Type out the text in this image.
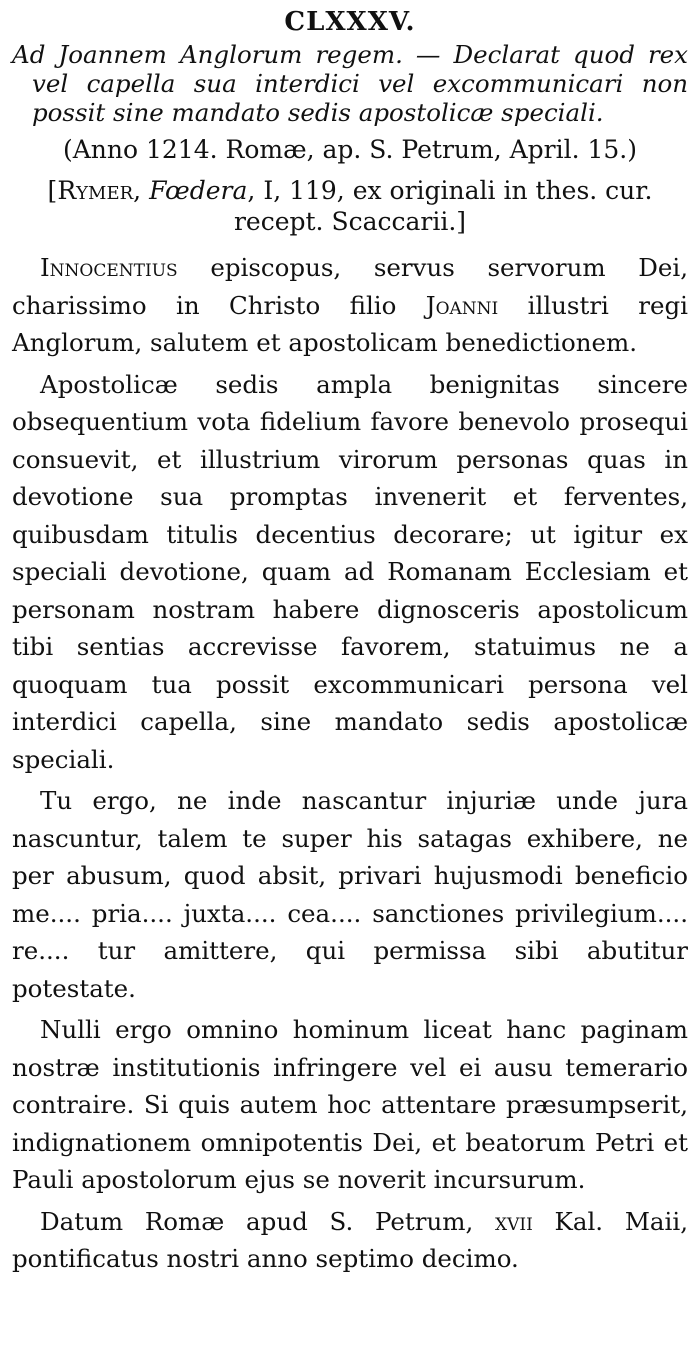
CLXXXV.
Ad Joannem Anglorum regem. — Declarat quod rex vel capella sua interdici vel excommunicari non possit sine mandato sedis apostolicæ speciali.
(Anno 1214. Romæ, ap. S. Petrum, April. 15.)
[Rymer, Fœdera, I, 119, ex originali in thes. cur. recept. Scaccarii.]

Innocentius episcopus, servus servorum Dei, charissimo in Christo filio Joanni illustri regi Anglorum, salutem et apostolicam benedictionem.

Apostolicæ sedis ampla benignitas sincere obsequentium vota fidelium favore benevolo prosequi consuevit, et illustrium virorum personas quas in devotione sua promptas invenerit et ferventes, quibusdam titulis decentius decorare; ut igitur ex speciali devotione, quam ad Romanam Ecclesiam et personam nostram habere dignosceris apostolicum tibi sentias accrevisse favorem, statuimus ne a quoquam tua possit excommunicari persona vel interdici capella, sine mandato sedis apostolicæ speciali.

Tu ergo, ne inde nascantur injuriæ unde jura nascuntur, talem te super his satagas exhibere, ne per abusum, quod absit, privari hujusmodi beneficio me.... pria.... juxta.... cea.... sanctiones privilegium.... re.... tur amittere, qui permissa sibi abutitur potestate.

Nulli ergo omnino hominum liceat hanc paginam nostræ institutionis infringere vel ei ausu temerario contraire. Si quis autem hoc attentare præsumpserit, indignationem omnipotentis Dei, et beatorum Petri et Pauli apostolorum ejus se noverit incursurum.

Datum Romæ apud S. Petrum, xvii Kal. Maii, pontificatus nostri anno septimo decimo.
